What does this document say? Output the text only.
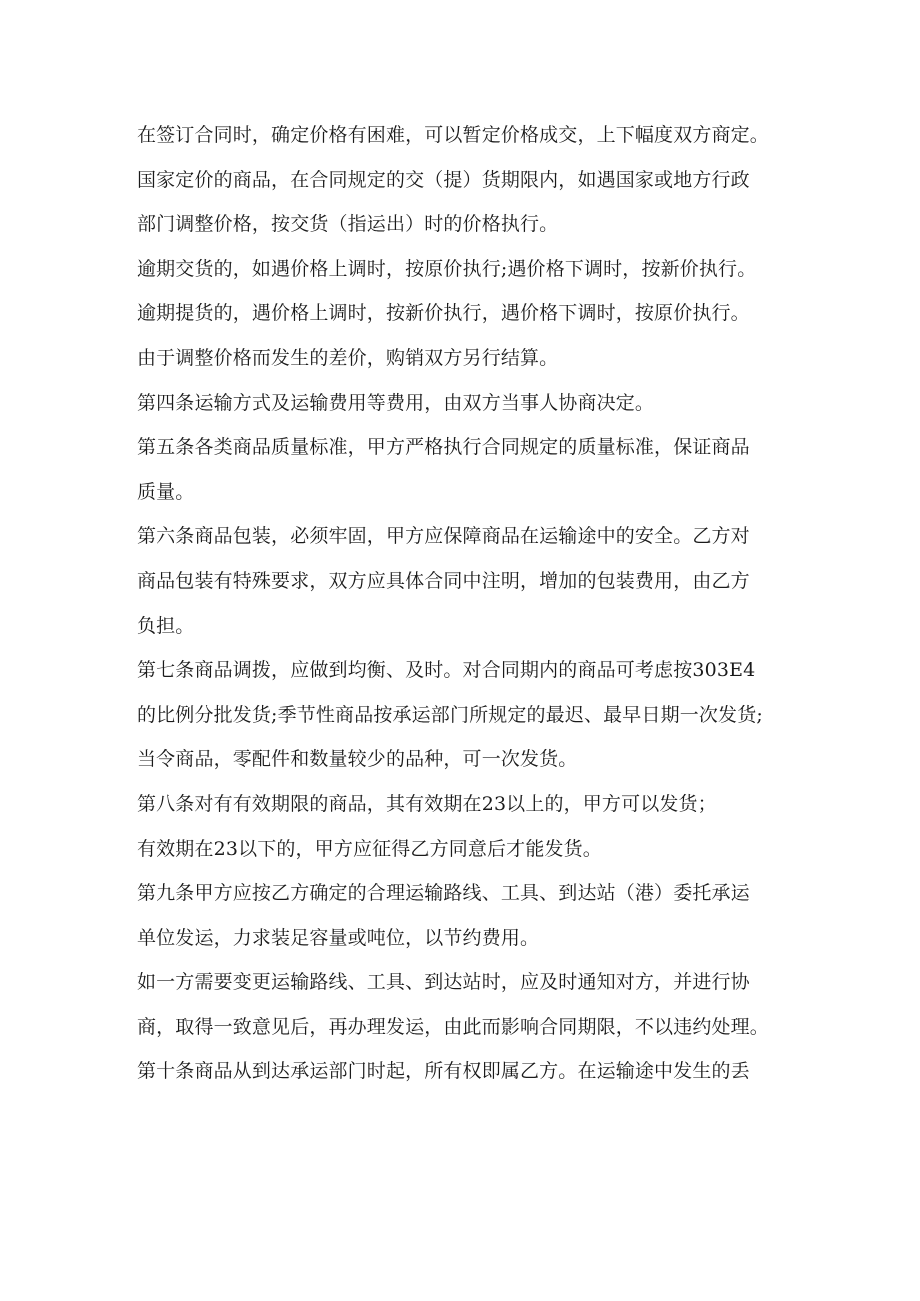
在签订合同时，确定价格有困难，可以暂定价格成交，上下幅度双方商定。

国家定价的商品，在合同规定的交（提）货期限内，如遇国家或地方行政

部门调整价格，按交货（指运出）时的价格执行。

逾期交货的，如遇价格上调时，按原价执行;遇价格下调时，按新价执行。

逾期提货的，遇价格上调时，按新价执行，遇价格下调时，按原价执行。

由于调整价格而发生的差价，购销双方另行结算。

第四条运输方式及运输费用等费用，由双方当事人协商决定。

第五条各类商品质量标准，甲方严格执行合同规定的质量标准，保证商品

质量。

第六条商品包装，必须牢固，甲方应保障商品在运输途中的安全。乙方对

商品包装有特殊要求，双方应具体合同中注明，增加的包装费用，由乙方

负担。

第七条商品调拨，应做到均衡、及时。对合同期内的商品可考虑按303E4

的比例分批发货;季节性商品按承运部门所规定的最迟、最早日期一次发货;

当令商品，零配件和数量较少的品种，可一次发货。

第八条对有有效期限的商品，其有效期在23以上的，甲方可以发货；

有效期在23以下的，甲方应征得乙方同意后才能发货。

第九条甲方应按乙方确定的合理运输路线、工具、到达站（港）委托承运

单位发运，力求装足容量或吨位，以节约费用。

如一方需要变更运输路线、工具、到达站时，应及时通知对方，并进行协

商，取得一致意见后，再办理发运，由此而影响合同期限，不以违约处理。

第十条商品从到达承运部门时起，所有权即属乙方。在运输途中发生的丢
